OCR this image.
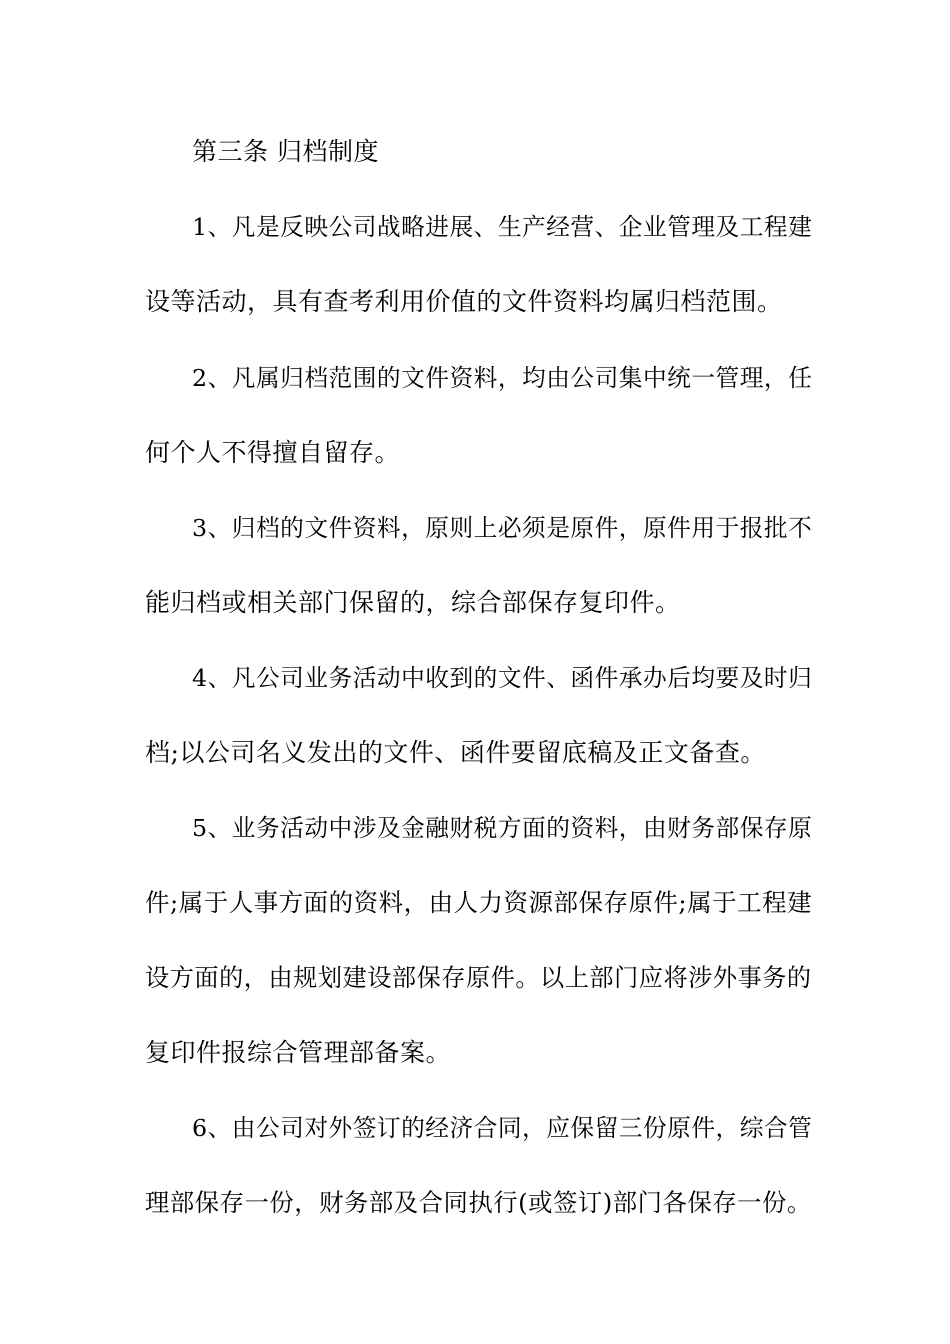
第三条 归档制度
1、凡是反映公司战略进展、生产经营、企业管理及工程建
设等活动，具有查考利用价值的文件资料均属归档范围。
2、凡属归档范围的文件资料，均由公司集中统一管理，任
何个人不得擅自留存。
3、归档的文件资料，原则上必须是原件，原件用于报批不
能归档或相关部门保留的，综合部保存复印件。
4、凡公司业务活动中收到的文件、函件承办后均要及时归
档;以公司名义发出的文件、函件要留底稿及正文备查。
5、业务活动中涉及金融财税方面的资料，由财务部保存原
件;属于人事方面的资料，由人力资源部保存原件;属于工程建
设方面的，由规划建设部保存原件。以上部门应将涉外事务的
复印件报综合管理部备案。
6、由公司对外签订的经济合同，应保留三份原件，综合管
理部保存一份，财务部及合同执行(或签订)部门各保存一份。
